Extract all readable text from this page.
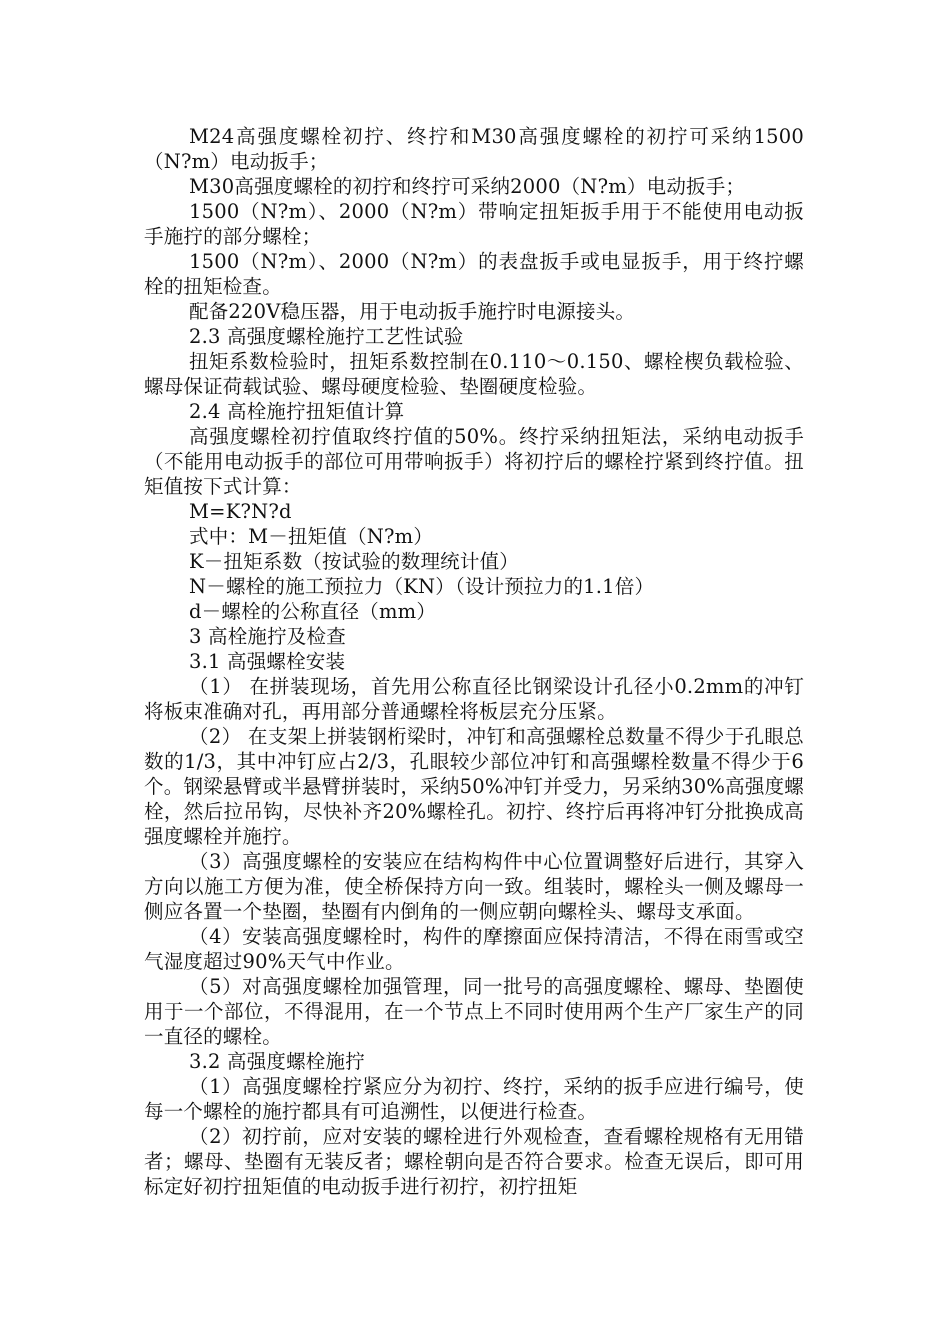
M24高强度螺栓初拧、终拧和M30高强度螺栓的初拧可采纳1500（N?m）电动扳手；

M30高强度螺栓的初拧和终拧可采纳2000（N?m）电动扳手；

1500（N?m）、2000（N?m）带响定扭矩扳手用于不能使用电动扳手施拧的部分螺栓；

1500（N?m）、2000（N?m）的表盘扳手或电显扳手，用于终拧螺栓的扭矩检查。

配备220V稳压器，用于电动扳手施拧时电源接头。

2.3 高强度螺栓施拧工艺性试验

扭矩系数检验时，扭矩系数控制在0.110～0.150、螺栓楔负载检验、螺母保证荷载试验、螺母硬度检验、垫圈硬度检验。

2.4 高栓施拧扭矩值计算

高强度螺栓初拧值取终拧值的50%。终拧采纳扭矩法，采纳电动扳手（不能用电动扳手的部位可用带响扳手）将初拧后的螺栓拧紧到终拧值。扭矩值按下式计算：

M=K?N?d

式中：M－扭矩值（N?m）

K－扭矩系数（按试验的数理统计值）

N－螺栓的施工预拉力（KN）（设计预拉力的1.1倍）

d－螺栓的公称直径（mm）

3 高栓施拧及检查

3.1 高强螺栓安装

（1） 在拼装现场，首先用公称直径比钢梁设计孔径小0.2mm的冲钉将板束准确对孔，再用部分普通螺栓将板层充分压紧。

（2） 在支架上拼装钢桁梁时，冲钉和高强螺栓总数量不得少于孔眼总数的1/3，其中冲钉应占2/3，孔眼较少部位冲钉和高强螺栓数量不得少于6个。钢梁悬臂或半悬臂拼装时，采纳50%冲钉并受力，另采纳30%高强度螺栓，然后拉吊钩，尽快补齐20%螺栓孔。初拧、终拧后再将冲钉分批换成高强度螺栓并施拧。

（3）高强度螺栓的安装应在结构构件中心位置调整好后进行，其穿入方向以施工方便为准，使全桥保持方向一致。组装时，螺栓头一侧及螺母一侧应各置一个垫圈，垫圈有内倒角的一侧应朝向螺栓头、螺母支承面。

（4）安装高强度螺栓时，构件的摩擦面应保持清洁，不得在雨雪或空气湿度超过90%天气中作业。

（5）对高强度螺栓加强管理，同一批号的高强度螺栓、螺母、垫圈使用于一个部位，不得混用，在一个节点上不同时使用两个生产厂家生产的同一直径的螺栓。

3.2 高强度螺栓施拧

（1）高强度螺栓拧紧应分为初拧、终拧，采纳的扳手应进行编号，使每一个螺栓的施拧都具有可追溯性，以便进行检查。

（2）初拧前，应对安装的螺栓进行外观检查，查看螺栓规格有无用错者；螺母、垫圈有无装反者；螺栓朝向是否符合要求。检查无误后，即可用标定好初拧扭矩值的电动扳手进行初拧，初拧扭矩
